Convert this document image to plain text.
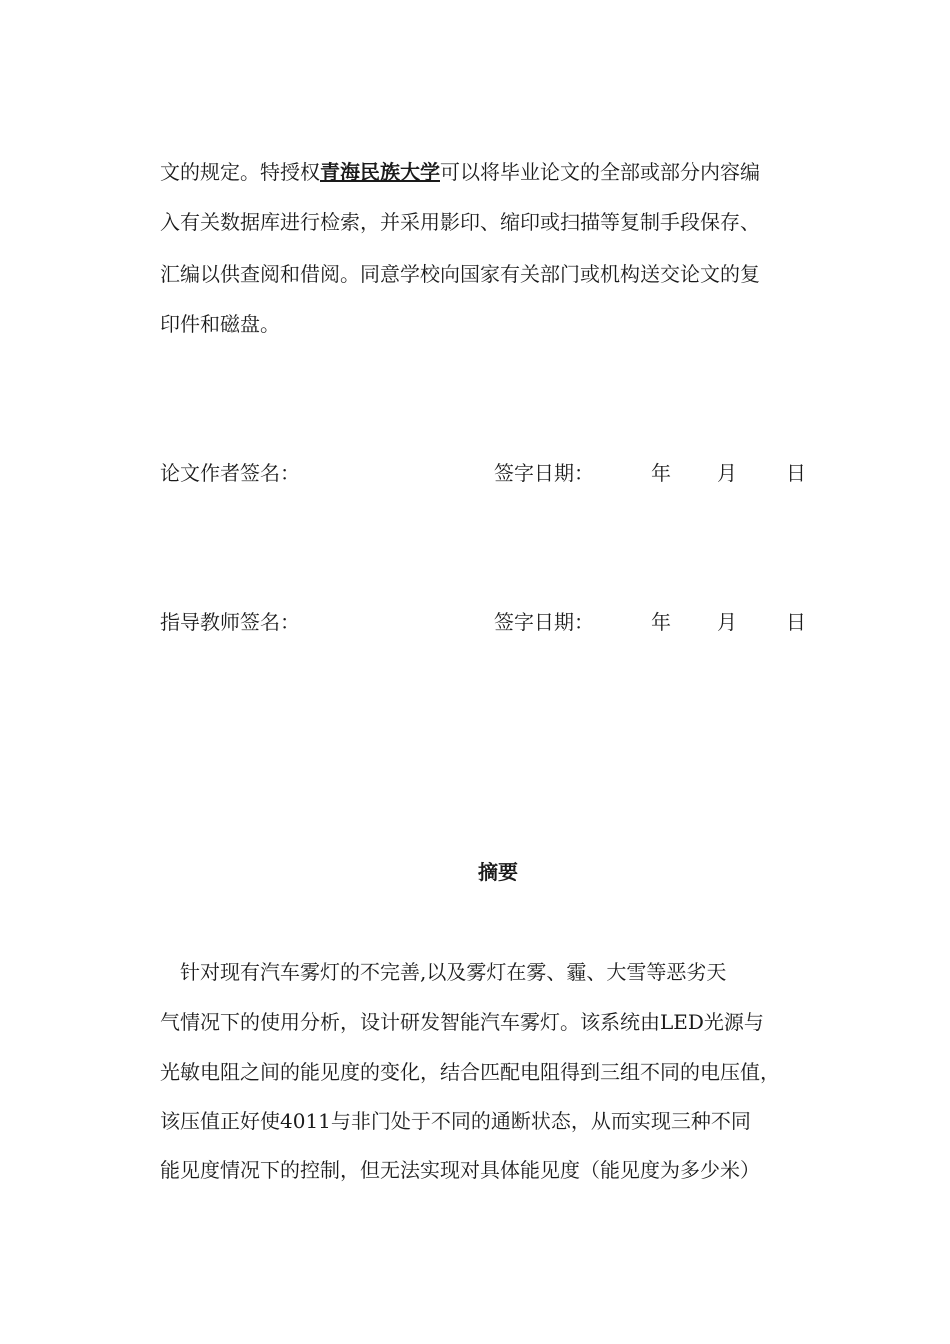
文的规定。特授权青海民族大学可以将毕业论文的全部或部分内容编
入有关数据库进行检索，并采用影印、缩印或扫描等复制手段保存、
汇编以供查阅和借阅。同意学校向国家有关部门或机构送交论文的复
印件和磁盘。
论文作者签名：	签字日期：	年 月 日
指导教师签名：	签字日期：	年 月 日
摘要
　针对现有汽车雾灯的不完善,以及雾灯在雾、霾、大雪等恶劣天
气情况下的使用分析，设计研发智能汽车雾灯。该系统由LED光源与
光敏电阻之间的能见度的变化，结合匹配电阻得到三组不同的电压值，
该压值正好使4011与非门处于不同的通断状态，从而实现三种不同
能见度情况下的控制，但无法实现对具体能见度（能见度为多少米）
